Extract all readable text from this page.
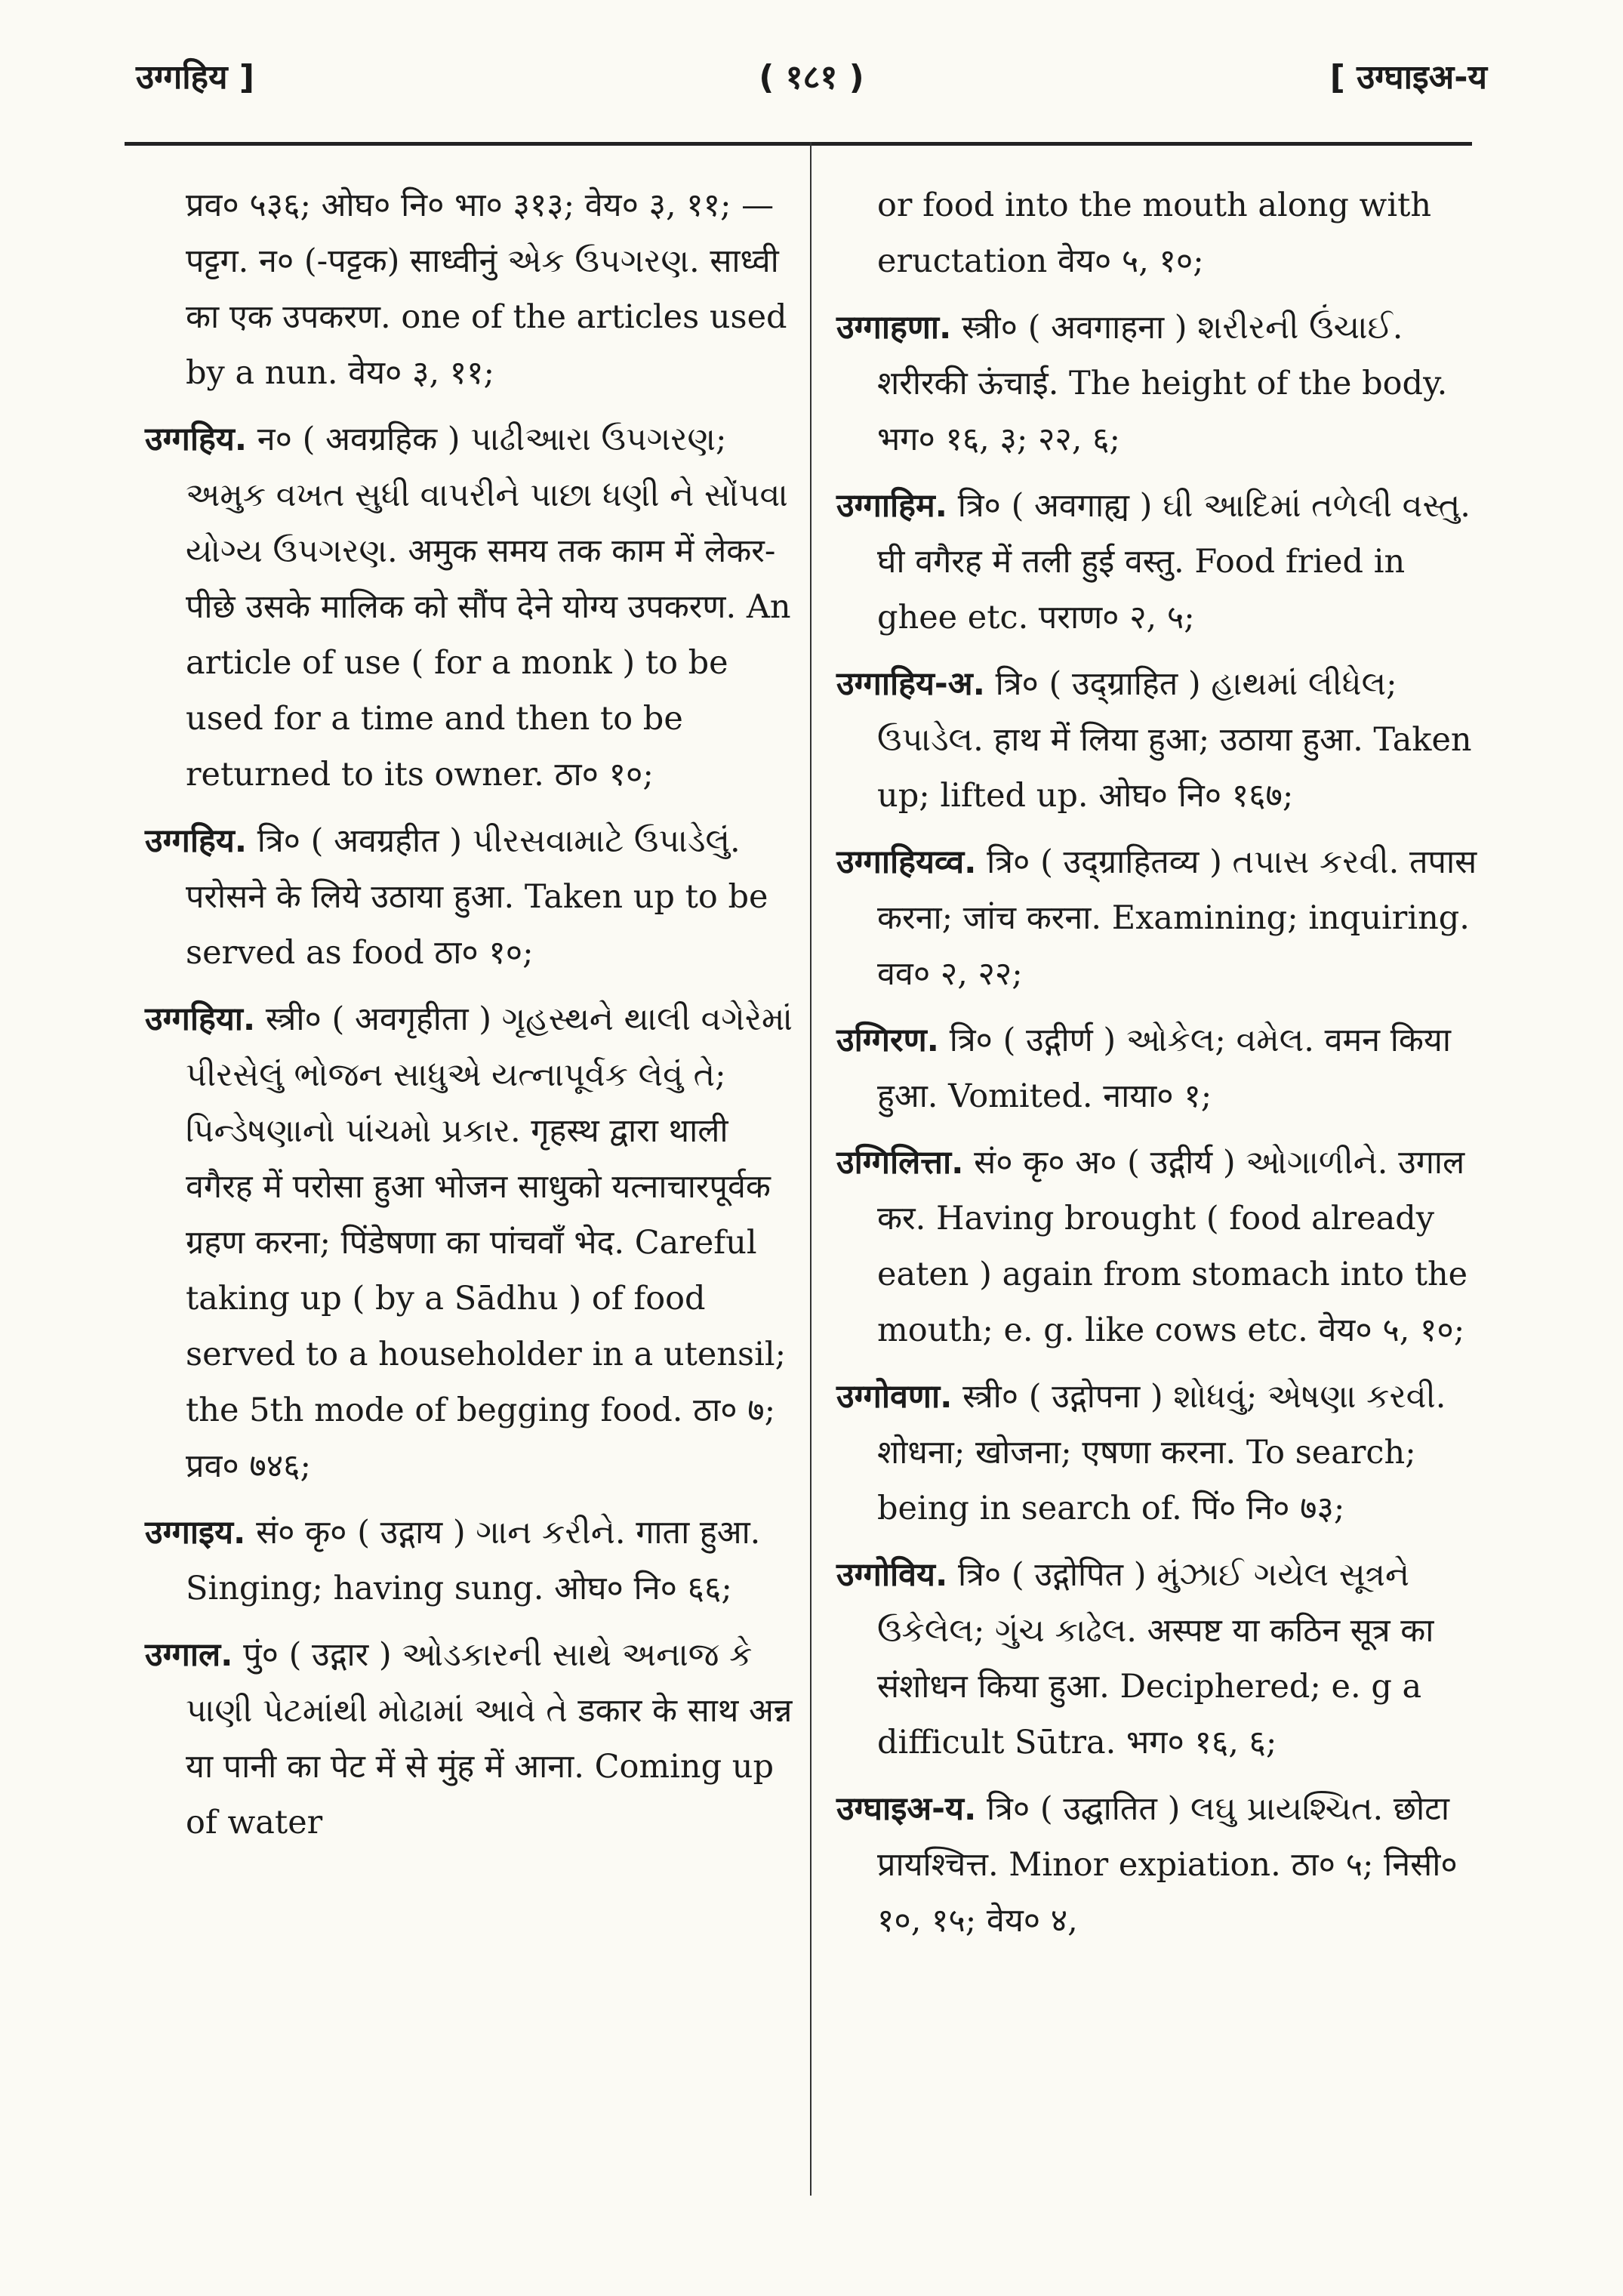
उग्गहिय ]	( १८१ )	[ उग्घाइअ-य
प्रव० ५३६; ओघ० नि० भा० ३१३; वेय० ३, ११; —पट्टग. न० (-पट्टक) साध्वीनुं એક ઉપગરણ. साध्वी का एक उपकरण. one of the articles used by a nun. वेय० ३, ११;
उग्गहिय. न० ( अवग्रहिक ) પાઢીઆરા ઉપગરણ; અમુક વખત સુધી વાપરીને પાછા ધણી ને સોંપવા યોગ્ય ઉપગરણ. अमुक समय तक काम में लेकर-पीछे उसके मालिक को सौंप देने योग्य उपकरण. An article of use ( for a monk ) to be used for a time and then to be returned to its owner. ठा० १०;
उग्गहिय. त्रि० ( अवग्रहीत ) પીરસવામાટે ઉપાડેલું. परोसने के लिये उठाया हुआ. Taken up to be served as food ठा० १०;
उग्गहिया. स्त्री० ( अवगृहीता ) ગૃહસ્થને થાલી વગેરેમાં પીરસેલું ભોજન સાધુએ યત્નાપૂર્વક લેવું તે; પિન્ડેષણાનો પાંચમો પ્રકાર. गृहस्थ द्वारा थाली वगैरह में परोसा हुआ भोजन साधुको यत्नाचारपूर्वक ग्रहण करना; पिंडेषणा का पांचवाँ भेद. Careful taking up ( by a Sādhu ) of food served to a householder in a utensil; the 5th mode of begging food. ठा० ७; प्रव० ७४६;
उग्गाइय. सं० कृ० ( उद्गाय ) ગાન કરીને. गाता हुआ. Singing; having sung. ओघ० नि० ६६;
उग्गाल. पुं० ( उद्गार ) ઓડકારની સાથે અનાજ કે પાણી પેટમાંથી મોઢામાં આવે તે डकार के साथ अन्न या पानी का पेट में से मुंह में आना. Coming up of water
or food into the mouth along with eructation वेय० ५, १०;
उग्गाहणा. स्त्री० ( अवगाहना ) શરીરની ઉંચાઈ. शरीरकी ऊंचाई. The height of the body. भग० १६, ३; २२, ६;
उग्गाहिम. त्रि० ( अवगाह्य ) ઘી આદિમાં તળેલી વસ્તુ. घी वगैरह में तली हुई वस्तु. Food fried in ghee etc. पराण० २, ५;
उग्गाहिय-अ. त्रि० ( उद्ग्राहित ) હાથમાં લીધેલ; ઉપાડેલ. हाथ में लिया हुआ; उठाया हुआ. Taken up; lifted up. ओघ० नि० १६७;
उग्गाहियव्व. त्रि० ( उद्ग्राहितव्य ) તપાસ કરવી. तपास करना; जांच करना. Examining; inquiring. वव० २, २२;
उग्गिरण. त्रि० ( उद्गीर्ण ) ઓકેલ; વમેલ. वमन किया हुआ. Vomited. नाया० १;
उग्गिलित्ता. सं० कृ० अ० ( उद्गीर्य ) ઓગાળીને. उगाल कर. Having brought ( food already eaten ) again from stomach into the mouth; e. g. like cows etc. वेय० ५, १०;
उग्गोवणा. स्त्री० ( उद्गोपना ) શોધવું; એષણા કરવી. शोधना; खोजना; एषणा करना. To search; being in search of. पिं० नि० ७३;
उग्गोविय. त्रि० ( उद्गोपित ) મુંઝાઈ ગયેલ સૂત્રને ઉકેલેલ; ગુંચ કાઢેલ. अस्पष्ट या कठिन सूत्र का संशोधन किया हुआ. Deciphered; e. g a difficult Sūtra. भग० १६, ६;
उग्घाइअ-य. त्रि० ( उद्घातित ) લઘુ પ્રાયશ્ચિત. छोटा प्रायश्चित्त. Minor expiation. ठा० ५; निसी० १०, १५; वेय० ४,
